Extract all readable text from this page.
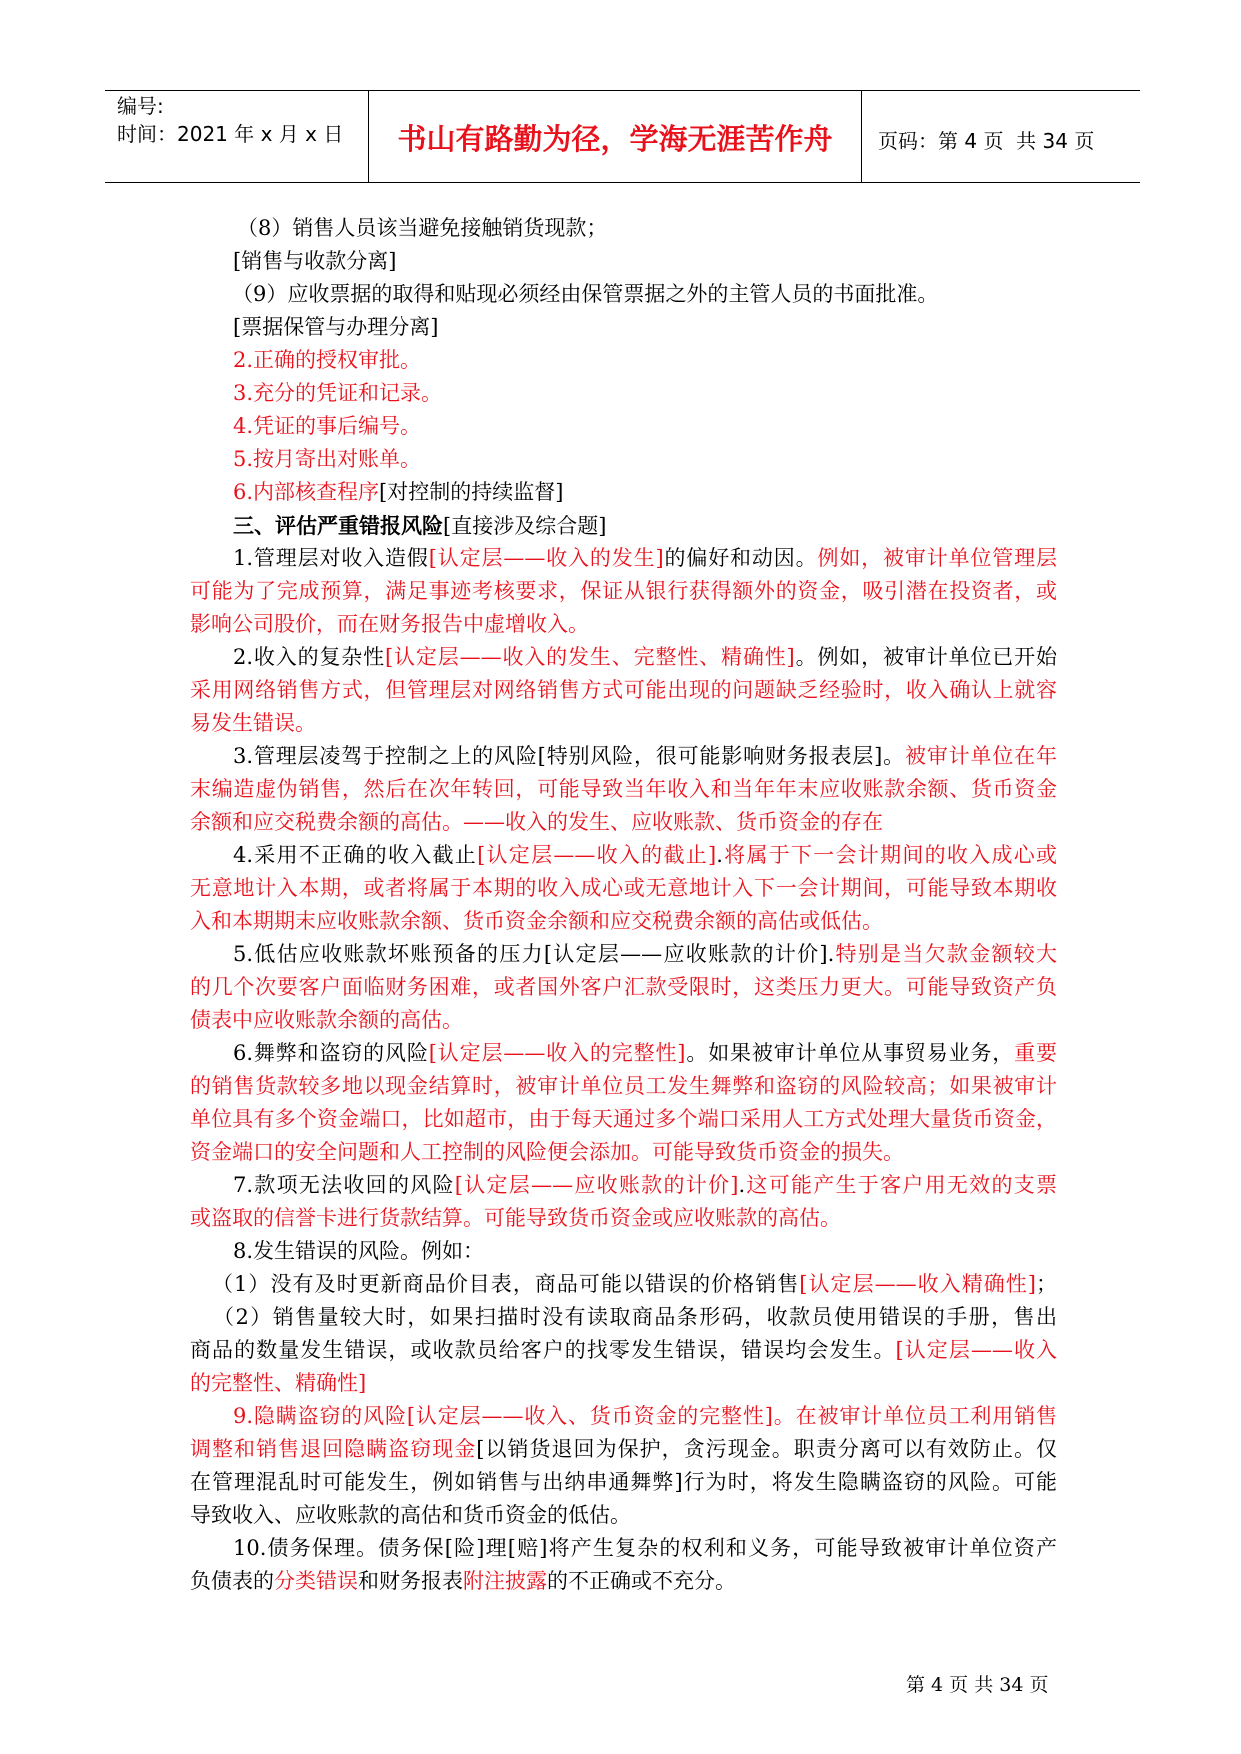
编号:
时间：2021 年 x 月 x 日	书山有路勤为径，学海无涯苦作舟	页码：第 4 页  共 34 页
（8）销售人员该当避免接触销货现款；
[销售与收款分离]
（9）应收票据的取得和贴现必须经由保管票据之外的主管人员的书面批准。
[票据保管与办理分离]
2.正确的授权审批。
3.充分的凭证和记录。
4.凭证的事后编号。
5.按月寄出对账单。
6.内部核查程序[对控制的持续监督]
三、评估严重错报风险[直接涉及综合题]
1.管理层对收入造假[认定层——收入的发生]的偏好和动因。例如，被审计单位管理层
可能为了完成预算，满足事迹考核要求，保证从银行获得额外的资金，吸引潜在投资者，或
影响公司股价，而在财务报告中虚增收入。
2.收入的复杂性[认定层——收入的发生、完整性、精确性]。例如，被审计单位已开始
采用网络销售方式，但管理层对网络销售方式可能出现的问题缺乏经验时，收入确认上就容
易发生错误。
3.管理层凌驾于控制之上的风险[特别风险，很可能影响财务报表层]。被审计单位在年
末编造虚伪销售，然后在次年转回，可能导致当年收入和当年年末应收账款余额、货币资金
余额和应交税费余额的高估。——收入的发生、应收账款、货币资金的存在
4.采用不正确的收入截止[认定层——收入的截止].将属于下一会计期间的收入成心或
无意地计入本期，或者将属于本期的收入成心或无意地计入下一会计期间，可能导致本期收
入和本期期末应收账款余额、货币资金余额和应交税费余额的高估或低估。
5.低估应收账款坏账预备的压力[认定层——应收账款的计价].特别是当欠款金额较大
的几个次要客户面临财务困难，或者国外客户汇款受限时，这类压力更大。可能导致资产负
债表中应收账款余额的高估。
6.舞弊和盗窃的风险[认定层——收入的完整性]。如果被审计单位从事贸易业务，重要
的销售货款较多地以现金结算时，被审计单位员工发生舞弊和盗窃的风险较高；如果被审计
单位具有多个资金端口，比如超市，由于每天通过多个端口采用人工方式处理大量货币资金，
资金端口的安全问题和人工控制的风险便会添加。可能导致货币资金的损失。
7.款项无法收回的风险[认定层——应收账款的计价].这可能产生于客户用无效的支票
或盗取的信誉卡进行货款结算。可能导致货币资金或应收账款的高估。
8.发生错误的风险。例如：
（1）没有及时更新商品价目表，商品可能以错误的价格销售[认定层——收入精确性]；
（2）销售量较大时，如果扫描时没有读取商品条形码，收款员使用错误的手册，售出
商品的数量发生错误，或收款员给客户的找零发生错误，错误均会发生。[认定层——收入
的完整性、精确性]
9.隐瞒盗窃的风险[认定层——收入、货币资金的完整性]。在被审计单位员工利用销售
调整和销售退回隐瞒盗窃现金[以销货退回为保护，贪污现金。职责分离可以有效防止。仅
在管理混乱时可能发生，例如销售与出纳串通舞弊]行为时，将发生隐瞒盗窃的风险。可能
导致收入、应收账款的高估和货币资金的低估。
10.债务保理。债务保[险]理[赔]将产生复杂的权利和义务，可能导致被审计单位资产
负债表的分类错误和财务报表附注披露的不正确或不充分。
第 4 页 共 34 页
